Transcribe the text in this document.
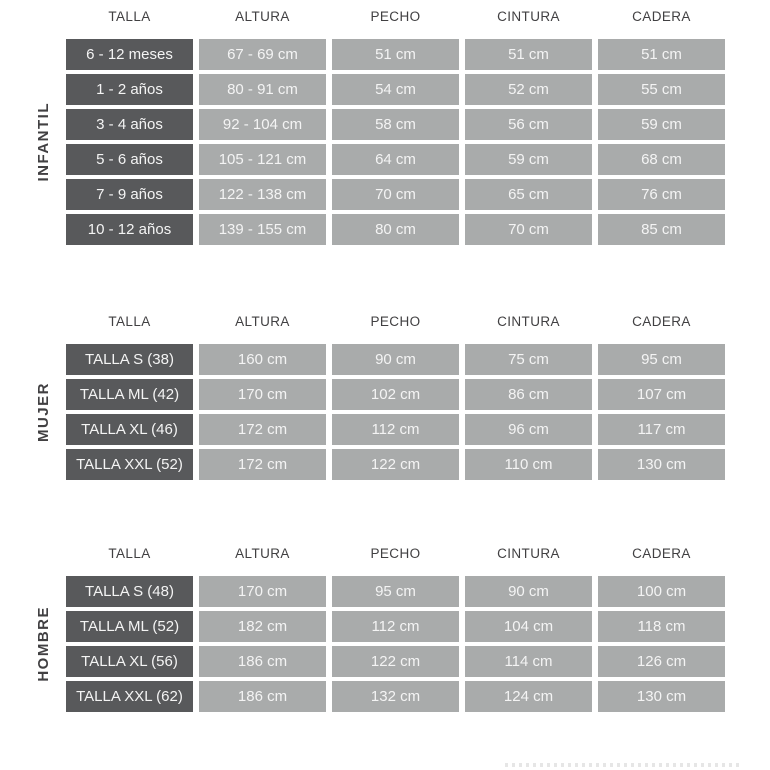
TALLA	ALTURA	PECHO	CINTURA	CADERA
INFANTIL
6 - 12 meses	67 - 69 cm	51 cm	51 cm	51 cm
1 - 2 años	80 - 91 cm	54 cm	52 cm	55 cm
3 - 4 años	92 - 104 cm	58 cm	56 cm	59 cm
5 - 6 años	105 - 121 cm	64 cm	59 cm	68 cm
7 - 9 años	122 - 138 cm	70 cm	65 cm	76 cm
10 - 12 años	139 - 155 cm	80 cm	70 cm	85 cm
TALLA	ALTURA	PECHO	CINTURA	CADERA
MUJER
TALLA S (38)	160 cm	90 cm	75 cm	95 cm
TALLA ML (42)	170 cm	102 cm	86 cm	107 cm
TALLA XL (46)	172 cm	112 cm	96 cm	117 cm
TALLA XXL (52)	172 cm	122 cm	110 cm	130 cm
TALLA	ALTURA	PECHO	CINTURA	CADERA
HOMBRE
TALLA S (48)	170 cm	95 cm	90 cm	100 cm
TALLA ML (52)	182 cm	112 cm	104 cm	118 cm
TALLA XL (56)	186 cm	122 cm	114 cm	126 cm
TALLA XXL (62)	186 cm	132 cm	124 cm	130 cm
